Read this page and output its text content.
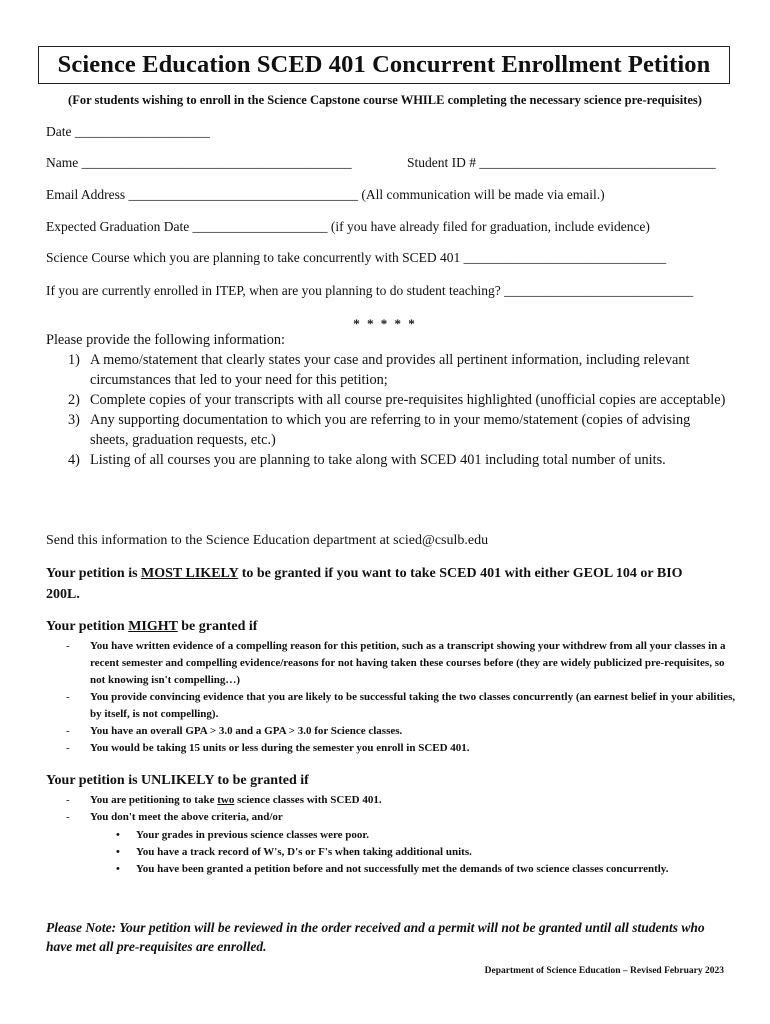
Science Education SCED 401 Concurrent Enrollment Petition
(For students wishing to enroll in the Science Capstone course WHILE completing the necessary science pre-requisites)
Date ____________________
Name ________________________________________	Student ID # ___________________________________
Email Address __________________________________ (All communication will be made via email.)
Expected Graduation Date ____________________ (if you have already filed for graduation, include evidence)
Science Course which you are planning to take concurrently with SCED 401 ______________________________
If you are currently enrolled in ITEP, when are you planning to do student teaching? ____________________________
* * * * *
Please provide the following information:
1) A memo/statement that clearly states your case and provides all pertinent information, including relevant circumstances that led to your need for this petition;
2) Complete copies of your transcripts with all course pre-requisites highlighted (unofficial copies are acceptable)
3) Any supporting documentation to which you are referring to in your memo/statement (copies of advising sheets, graduation requests, etc.)
4) Listing of all courses you are planning to take along with SCED 401 including total number of units.
Send this information to the Science Education department at scied@csulb.edu
Your petition is MOST LIKELY to be granted if you want to take SCED 401 with either GEOL 104 or BIO
200L.
Your petition MIGHT be granted if
- You have written evidence of a compelling reason for this petition, such as a transcript showing your withdrew from all your classes in a recent semester and compelling evidence/reasons for not having taken these courses before (they are widely publicized pre-requisites, so not knowing isn't compelling…)
- You provide convincing evidence that you are likely to be successful taking the two classes concurrently (an earnest belief in your abilities, by itself, is not compelling).
- You have an overall GPA > 3.0 and a GPA > 3.0 for Science classes.
- You would be taking 15 units or less during the semester you enroll in SCED 401.
Your petition is UNLIKELY to be granted if
- You are petitioning to take two science classes with SCED 401.
- You don't meet the above criteria, and/or
• Your grades in previous science classes were poor.
• You have a track record of W's, D's or F's when taking additional units.
• You have been granted a petition before and not successfully met the demands of two science classes concurrently.
Please Note: Your petition will be reviewed in the order received and a permit will not be granted until all students who have met all pre-requisites are enrolled.
Department of Science Education – Revised February 2023
